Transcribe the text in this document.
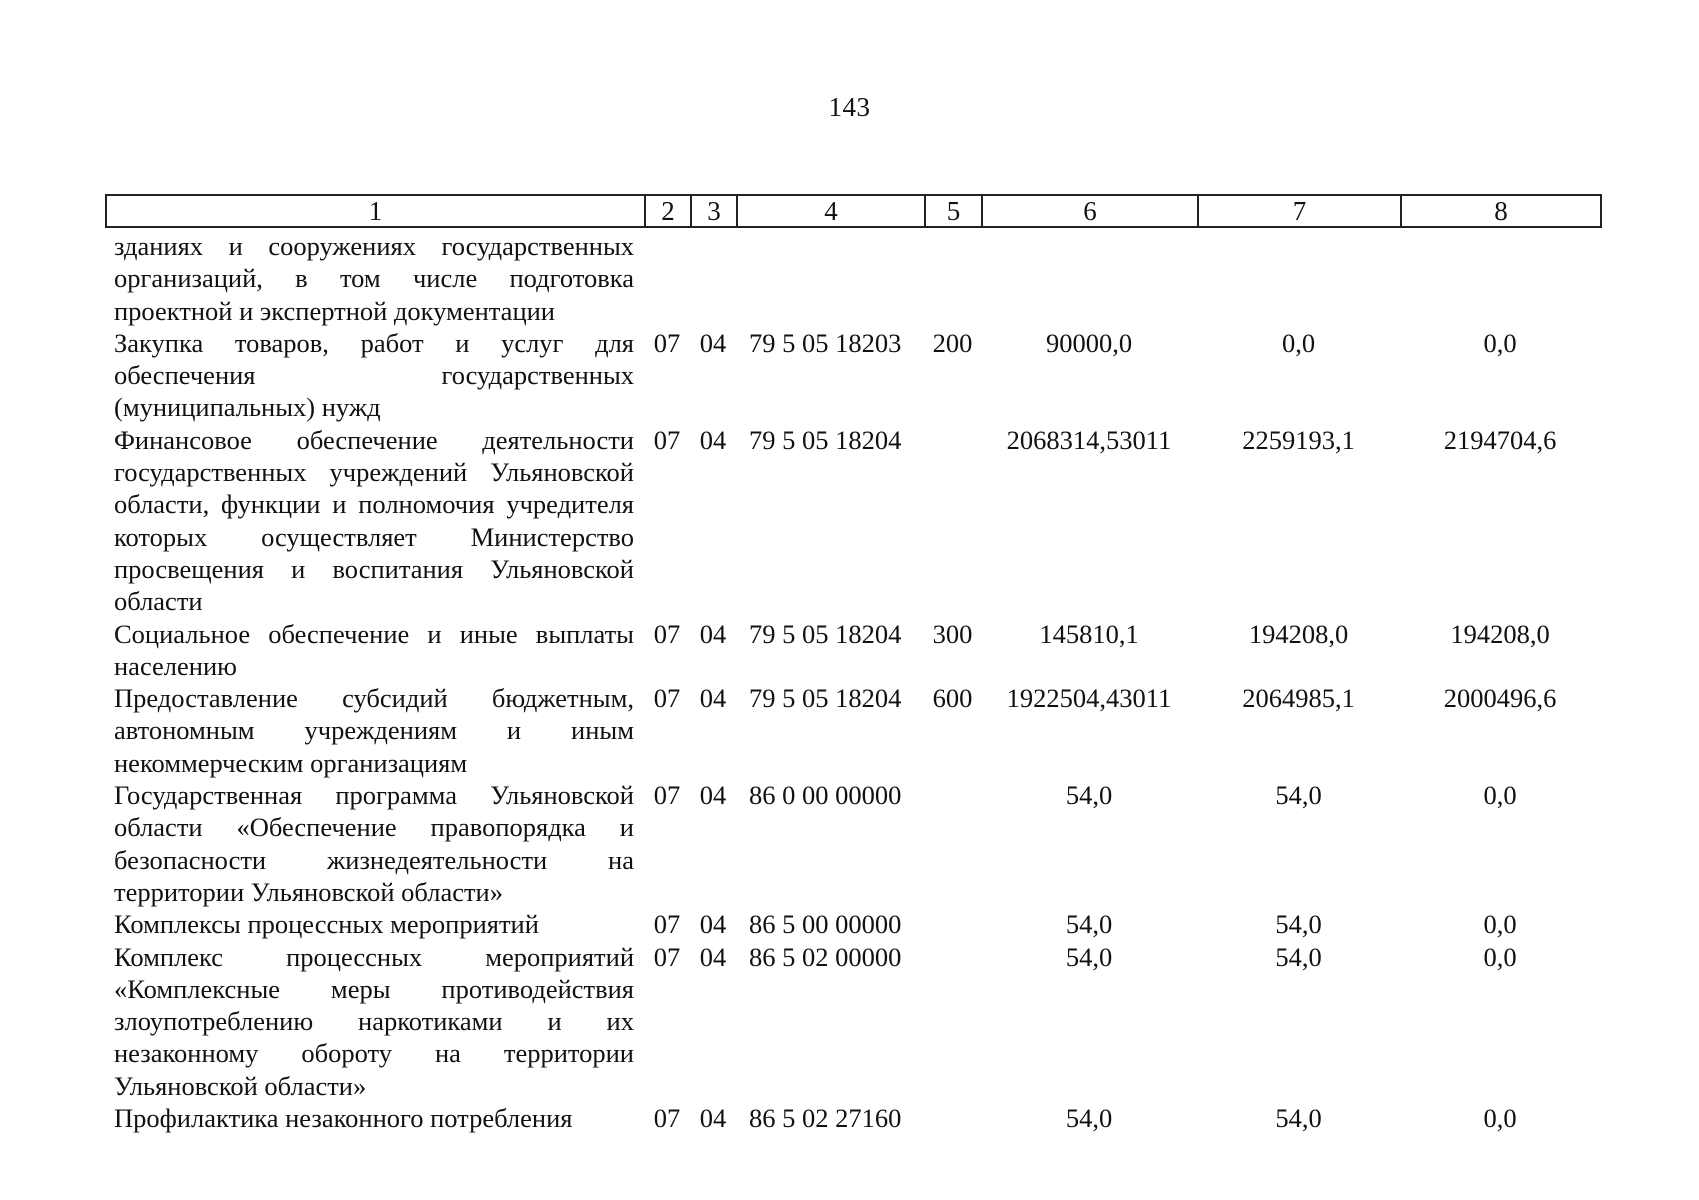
143
1	2	3	4	5	6	7	8
зданиях и сооружениях государственных организаций, в том числе подготовка проектной и экспертной документации							
Закупка товаров, работ и услуг для обеспечения государственных (муниципальных) нужд	07	04	79 5 05 18203	200	90000,0	0,0	0,0
Финансовое обеспечение деятельности государственных учреждений Ульяновской области, функции и полномочия учредителя которых осуществляет Министерство просвещения и воспитания Ульяновской области	07	04	79 5 05 18204		2068314,53011	2259193,1	2194704,6
Социальное обеспечение и иные выплаты населению	07	04	79 5 05 18204	300	145810,1	194208,0	194208,0
Предоставление субсидий бюджетным, автономным учреждениям и иным некоммерческим организациям	07	04	79 5 05 18204	600	1922504,43011	2064985,1	2000496,6
Государственная программа Ульяновской области «Обеспечение правопорядка и безопасности жизнедеятельности на территории Ульяновской области»	07	04	86 0 00 00000		54,0	54,0	0,0
Комплексы процессных мероприятий	07	04	86 5 00 00000		54,0	54,0	0,0
Комплекс процессных мероприятий «Комплексные меры противодействия злоупотреблению наркотиками и их незаконному обороту на территории Ульяновской области»	07	04	86 5 02 00000		54,0	54,0	0,0
Профилактика незаконного потребления	07	04	86 5 02 27160		54,0	54,0	0,0
